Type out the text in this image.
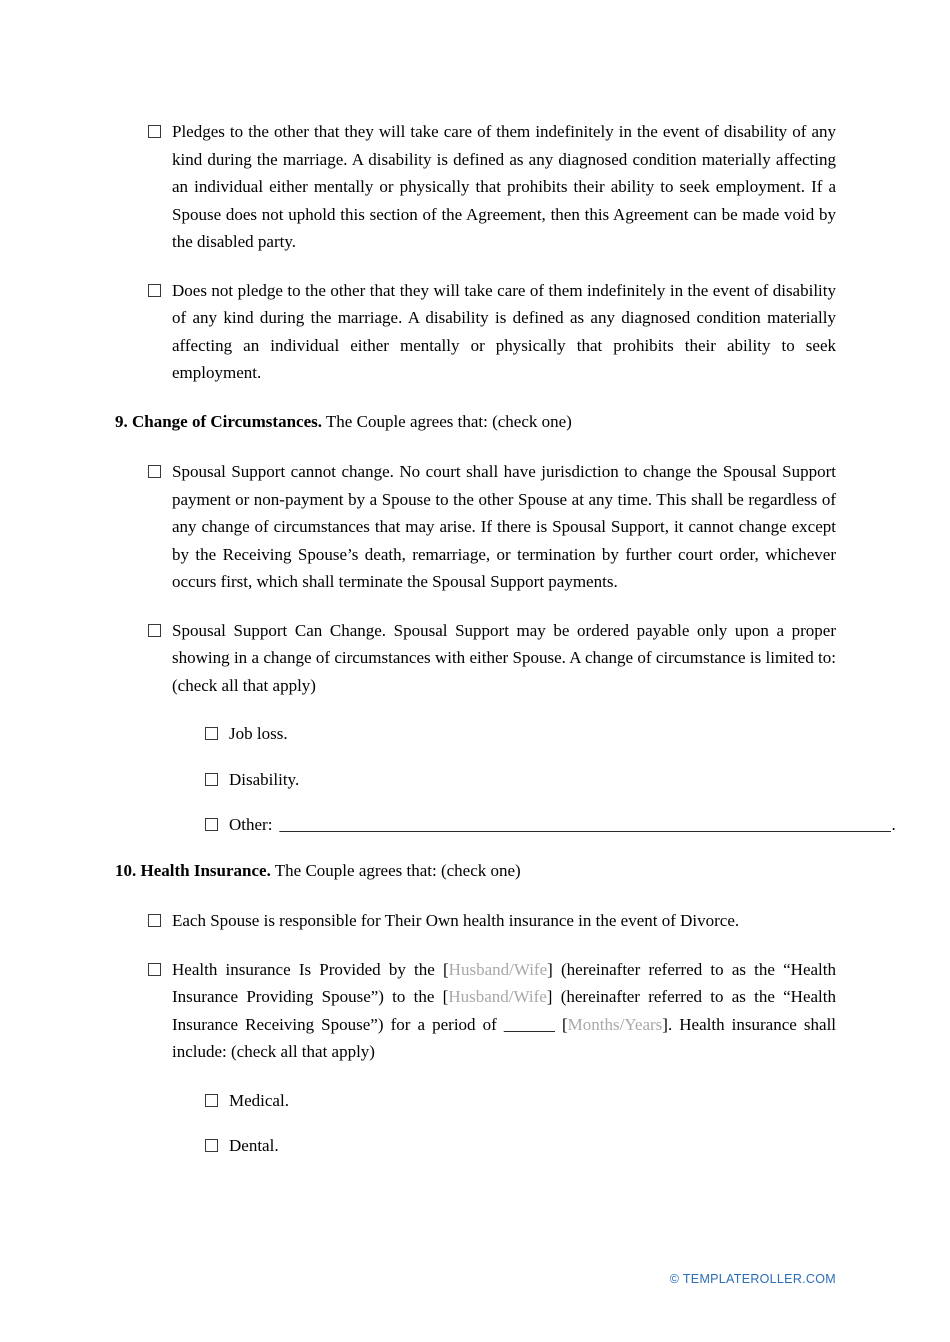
Pledges to the other that they will take care of them indefinitely in the event of disability of any kind during the marriage. A disability is defined as any diagnosed condition materially affecting an individual either mentally or physically that prohibits their ability to seek employment. If a Spouse does not uphold this section of the Agreement, then this Agreement can be made void by the disabled party.

Does not pledge to the other that they will take care of them indefinitely in the event of disability of any kind during the marriage. A disability is defined as any diagnosed condition materially affecting an individual either mentally or physically that prohibits their ability to seek employment.

9. Change of Circumstances. The Couple agrees that: (check one)

Spousal Support cannot change. No court shall have jurisdiction to change the Spousal Support payment or non-payment by a Spouse to the other Spouse at any time. This shall be regardless of any change of circumstances that may arise. If there is Spousal Support, it cannot change except by the Receiving Spouse’s death, remarriage, or termination by further court order, whichever occurs first, which shall terminate the Spousal Support payments.

Spousal Support Can Change. Spousal Support may be ordered payable only upon a proper showing in a change of circumstances with either Spouse. A change of circumstance is limited to: (check all that apply)

Job loss.

Disability.

Other: ________________________________________________________________________ .

10. Health Insurance. The Couple agrees that: (check one)

Each Spouse is responsible for Their Own health insurance in the event of Divorce.

Health insurance Is Provided by the [Husband/Wife] (hereinafter referred to as the “Health Insurance Providing Spouse”) to the [Husband/Wife] (hereinafter referred to as the “Health Insurance Receiving Spouse”) for a period of ______ [Months/Years]. Health insurance shall include: (check all that apply)

Medical.

Dental.

© TEMPLATEROLLER.COM
